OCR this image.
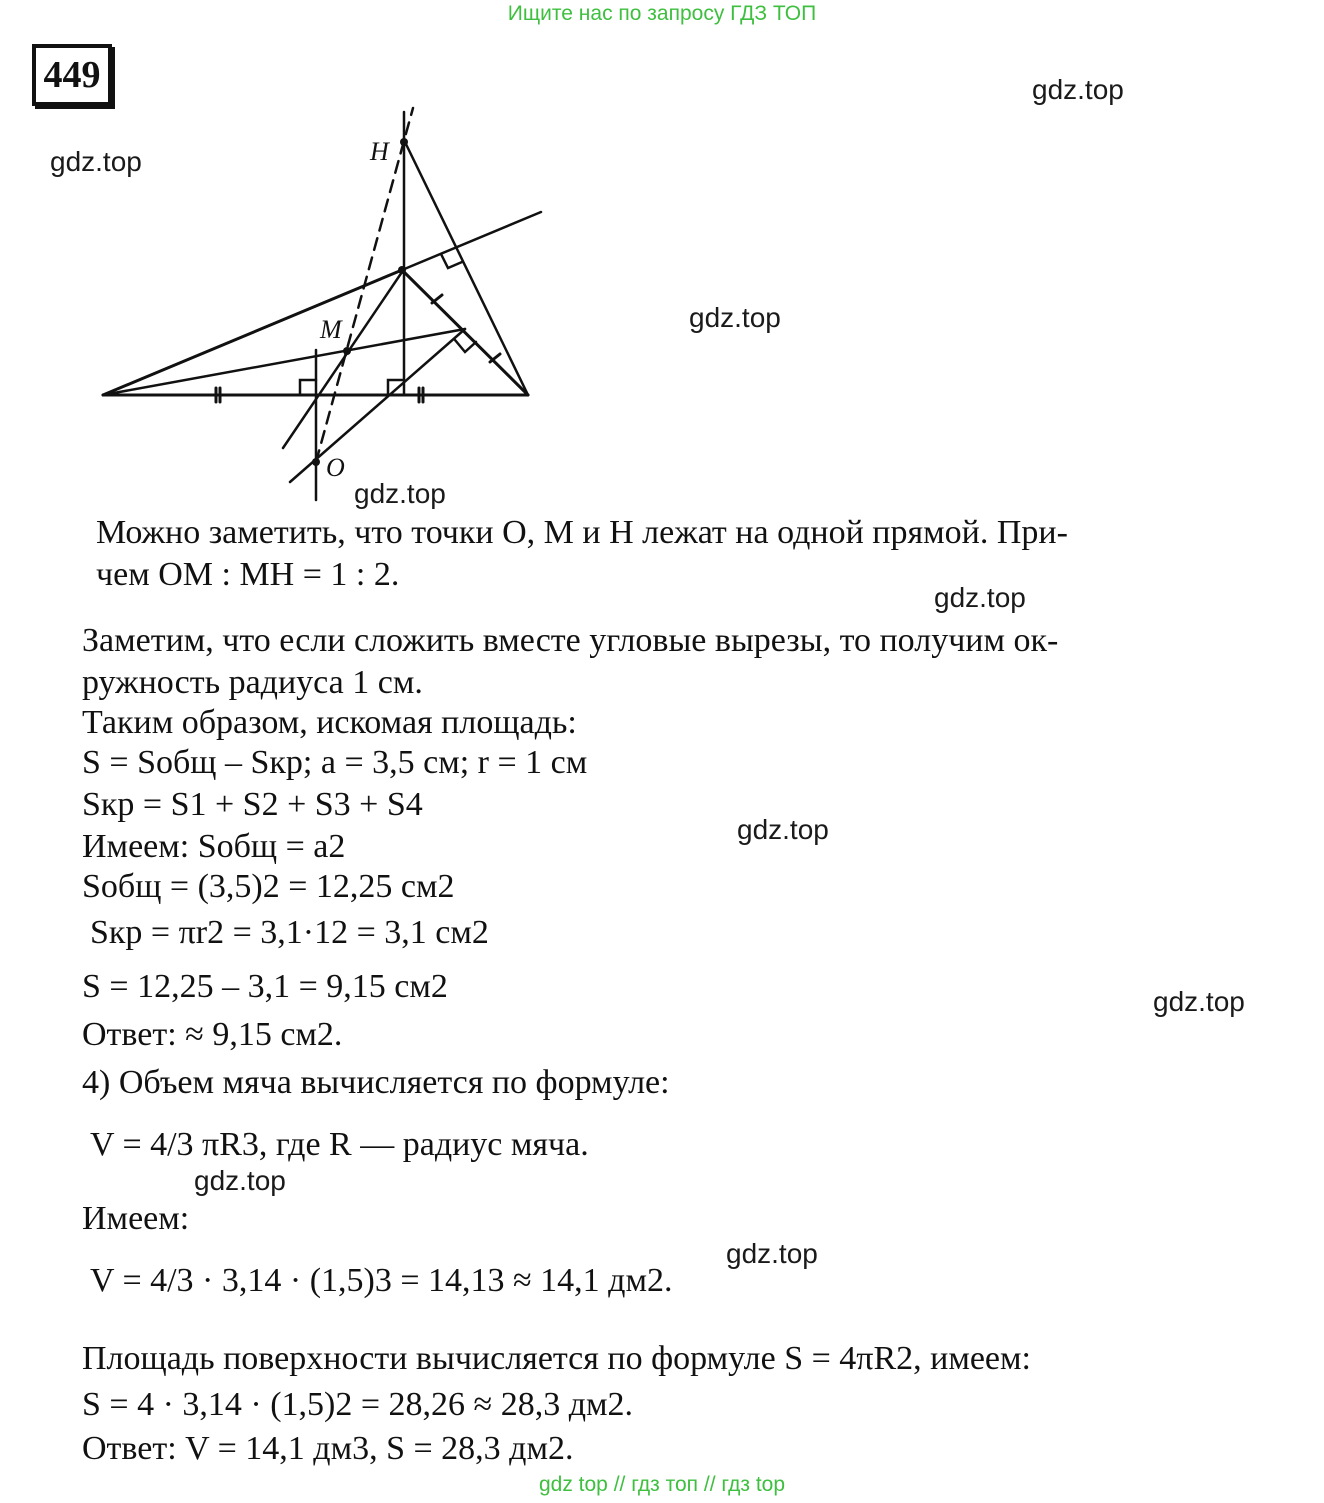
Ищите нас по запросу ГДЗ ТОП
449	gdz.top
gdz.top
gdz.top
gdz.top
gdz.top
gdz.top
gdz.top
gdz.top
gdz.top
H
M
O
Можно заметить, что точки O, M и H лежат на одной прямой. При-
чем OM : MH = 1 : 2.
Заметим, что если сложить вместе угловые вырезы, то получим ок-
ружность радиуса 1 см.
Таким образом, искомая площадь:
S = Sобщ – Sкр; a = 3,5 см; r = 1 см
Sкр = S1 + S2 + S3 + S4
Имеем: Sобщ = a2
Sобщ = (3,5)2 = 12,25 см2
Sкр = πr2 = 3,1·12 = 3,1 см2
S = 12,25 – 3,1 = 9,15 см2
Ответ: ≈ 9,15 см2.
4) Объем мяча вычисляется по формуле:
V = 4/3 πR3, где R — радиус мяча.
Имеем:
V = 4/3 · 3,14 · (1,5)3 = 14,13 ≈ 14,1 дм2.
Площадь поверхности вычисляется по формуле S = 4πR2, имеем:
S = 4 · 3,14 · (1,5)2 = 28,26 ≈ 28,3 дм2.
Ответ: V = 14,1 дм3, S = 28,3 дм2.
gdz top // гдз топ // гдз top
